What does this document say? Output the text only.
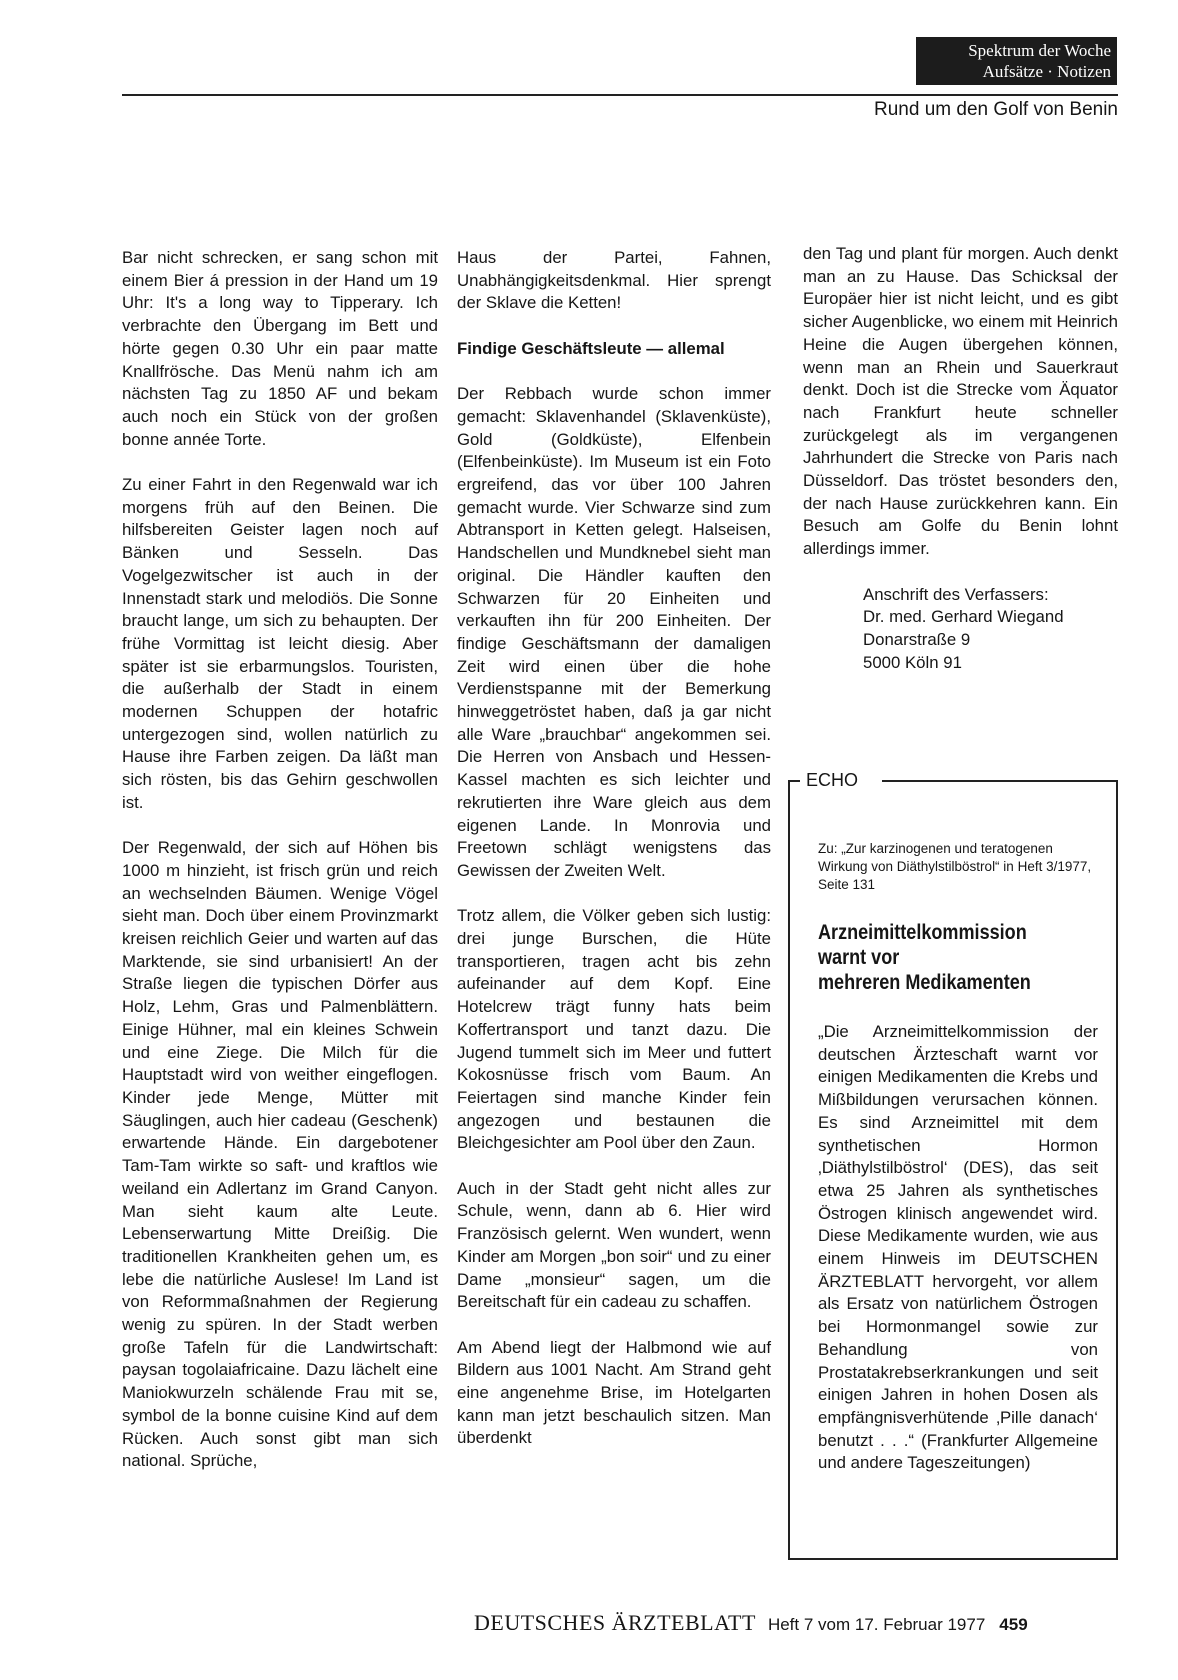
Spektrum der Woche
Aufsätze · Notizen
Rund um den Golf von Benin

Bar nicht schrecken, er sang schon mit einem Bier á pression in der Hand um 19 Uhr: It's a long way to Tipperary. Ich verbrachte den Übergang im Bett und hörte gegen 0.30 Uhr ein paar matte Knallfrösche. Das Menü nahm ich am nächsten Tag zu 1850 AF und bekam auch noch ein Stück von der großen bonne année Torte.

Zu einer Fahrt in den Regenwald war ich morgens früh auf den Beinen. Die hilfsbereiten Geister lagen noch auf Bänken und Sesseln. Das Vogelgezwitscher ist auch in der Innenstadt stark und melodiös. Die Sonne braucht lange, um sich zu behaupten. Der frühe Vormittag ist leicht diesig. Aber später ist sie erbarmungslos. Touristen, die außerhalb der Stadt in einem modernen Schuppen der hotafric untergezogen sind, wollen natürlich zu Hause ihre Farben zeigen. Da läßt man sich rösten, bis das Gehirn geschwollen ist.

Der Regenwald, der sich auf Höhen bis 1000 m hinzieht, ist frisch grün und reich an wechselnden Bäumen. Wenige Vögel sieht man. Doch über einem Provinzmarkt kreisen reichlich Geier und warten auf das Marktende, sie sind urbanisiert! An der Straße liegen die typischen Dörfer aus Holz, Lehm, Gras und Palmenblättern. Einige Hühner, mal ein kleines Schwein und eine Ziege. Die Milch für die Hauptstadt wird von weither eingeflogen. Kinder jede Menge, Mütter mit Säuglingen, auch hier cadeau (Geschenk) erwartende Hände. Ein dargebotener Tam-Tam wirkte so saft- und kraftlos wie weiland ein Adlertanz im Grand Canyon. Man sieht kaum alte Leute. Lebenserwartung Mitte Dreißig. Die traditionellen Krankheiten gehen um, es lebe die natürliche Auslese! Im Land ist von Reformmaßnahmen der Regierung wenig zu spüren. In der Stadt werben große Tafeln für die Landwirtschaft: paysan togolaiafricaine. Dazu lächelt eine Maniokwurzeln schälende Frau mit se, symbol de la bonne cuisine Kind auf dem Rücken. Auch sonst gibt man sich national. Sprüche,

Haus der Partei, Fahnen, Unabhängigkeitsdenkmal. Hier sprengt der Sklave die Ketten!

Findige Geschäftsleute — allemal

Der Rebbach wurde schon immer gemacht: Sklavenhandel (Sklavenküste), Gold (Goldküste), Elfenbein (Elfenbeinküste). Im Museum ist ein Foto ergreifend, das vor über 100 Jahren gemacht wurde. Vier Schwarze sind zum Abtransport in Ketten gelegt. Halseisen, Handschellen und Mundknebel sieht man original. Die Händler kauften den Schwarzen für 20 Einheiten und verkauften ihn für 200 Einheiten. Der findige Geschäftsmann der damaligen Zeit wird einen über die hohe Verdienstspanne mit der Bemerkung hinweggetröstet haben, daß ja gar nicht alle Ware „brauchbar“ angekommen sei. Die Herren von Ansbach und Hessen-Kassel machten es sich leichter und rekrutierten ihre Ware gleich aus dem eigenen Lande. In Monrovia und Freetown schlägt wenigstens das Gewissen der Zweiten Welt.

Trotz allem, die Völker geben sich lustig: drei junge Burschen, die Hüte transportieren, tragen acht bis zehn aufeinander auf dem Kopf. Eine Hotelcrew trägt funny hats beim Koffertransport und tanzt dazu. Die Jugend tummelt sich im Meer und futtert Kokosnüsse frisch vom Baum. An Feiertagen sind manche Kinder fein angezogen und bestaunen die Bleichgesichter am Pool über den Zaun.

Auch in der Stadt geht nicht alles zur Schule, wenn, dann ab 6. Hier wird Französisch gelernt. Wen wundert, wenn Kinder am Morgen „bon soir“ und zu einer Dame „monsieur“ sagen, um die Bereitschaft für ein cadeau zu schaffen.

Am Abend liegt der Halbmond wie auf Bildern aus 1001 Nacht. Am Strand geht eine angenehme Brise, im Hotelgarten kann man jetzt beschaulich sitzen. Man überdenkt

den Tag und plant für morgen. Auch denkt man an zu Hause. Das Schicksal der Europäer hier ist nicht leicht, und es gibt sicher Augenblicke, wo einem mit Heinrich Heine die Augen übergehen können, wenn man an Rhein und Sauerkraut denkt. Doch ist die Strecke vom Äquator nach Frankfurt heute schneller zurückgelegt als im vergangenen Jahrhundert die Strecke von Paris nach Düsseldorf. Das tröstet besonders den, der nach Hause zurückkehren kann. Ein Besuch am Golfe du Benin lohnt allerdings immer.

Anschrift des Verfassers:
Dr. med. Gerhard Wiegand
Donarstraße 9
5000 Köln 91
ECHO

Zu: „Zur karzinogenen und teratogenen Wirkung von Diäthylstilböstrol“ in Heft 3/1977, Seite 131

Arzneimittelkommission
warnt vor
mehreren Medikamenten

„Die Arzneimittelkommission der deutschen Ärzteschaft warnt vor einigen Medikamenten die Krebs und Mißbildungen verursachen können. Es sind Arzneimittel mit dem synthetischen Hormon ‚Diäthylstilböstrol‘ (DES), das seit etwa 25 Jahren als synthetisches Östrogen klinisch angewendet wird. Diese Medikamente wurden, wie aus einem Hinweis im DEUTSCHEN ÄRZTEBLATT hervorgeht, vor allem als Ersatz von natürlichem Östrogen bei Hormonmangel sowie zur Behandlung von Prostatakrebserkrankungen und seit einigen Jahren in hohen Dosen als empfängnisverhütende ‚Pille danach‘ benutzt . . .“ (Frankfurter Allgemeine und andere Tageszeitungen)

DEUTSCHES ÄRZTEBLATT Heft 7 vom 17. Februar 1977 459
